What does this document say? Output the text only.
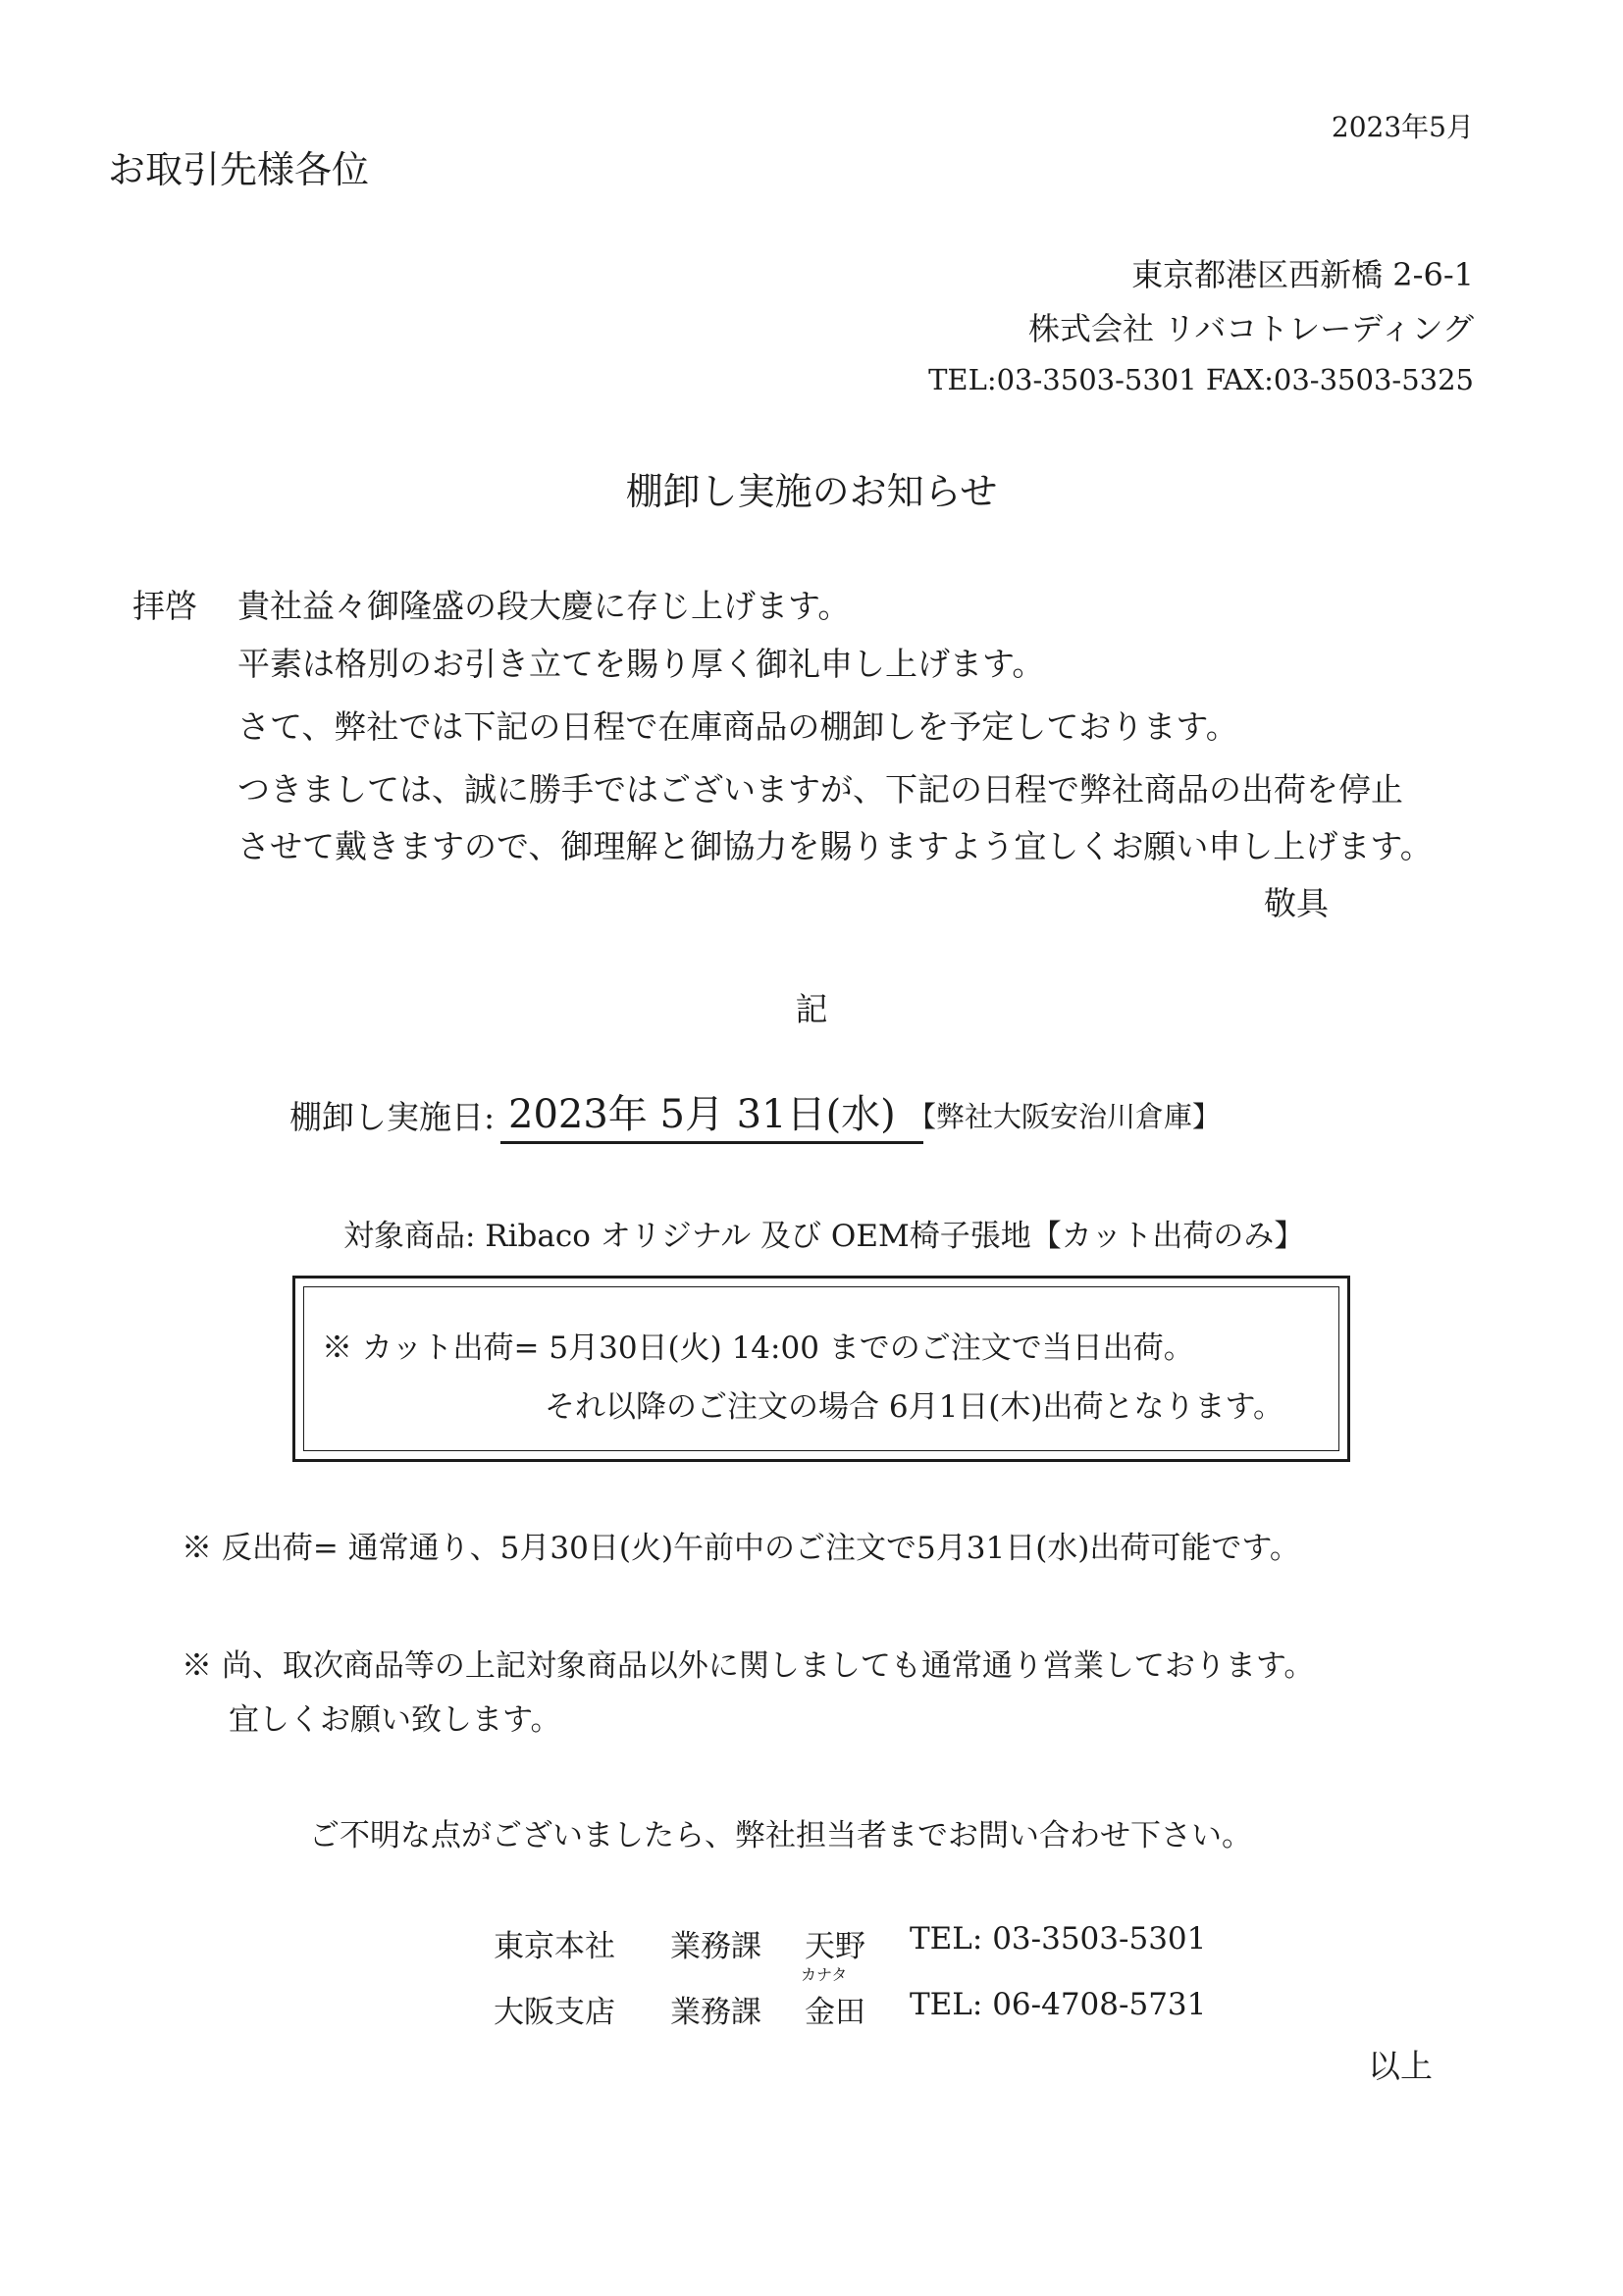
2023年5月
お取引先様各位
東京都港区西新橋 2-6-1
株式会社 リバコトレーディング
TEL:03-3503-5301 FAX:03-3503-5325
棚卸し実施のお知らせ
拝啓 貴社益々御隆盛の段大慶に存じ上げます。
平素は格別のお引き立てを賜り厚く御礼申し上げます。
さて、弊社では下記の日程で在庫商品の棚卸しを予定しております。
つきましては、誠に勝手ではございますが、下記の日程で弊社商品の出荷を停止
させて戴きますので、御理解と御協力を賜りますよう宜しくお願い申し上げます。
敬具
記
棚卸し実施日: 2023年 5月 31日(水) 【弊社大阪安治川倉庫】
対象商品: Ribaco オリジナル 及び OEM椅子張地【カット出荷のみ】
※ カット出荷= 5月30日(火) 14:00 までのご注文で当日出荷。
それ以降のご注文の場合 6月1日(木)出荷となります。
※ 反出荷= 通常通り、5月30日(火)午前中のご注文で5月31日(水)出荷可能です。
※ 尚、取次商品等の上記対象商品以外に関しましても通常通り営業しております。
宜しくお願い致します。
ご不明な点がございましたら、弊社担当者までお問い合わせ下さい。
東京本社 業務課 天野 TEL: 03-3503-5301
カナタ
大阪支店 業務課 金田 TEL: 06-4708-5731
以上
